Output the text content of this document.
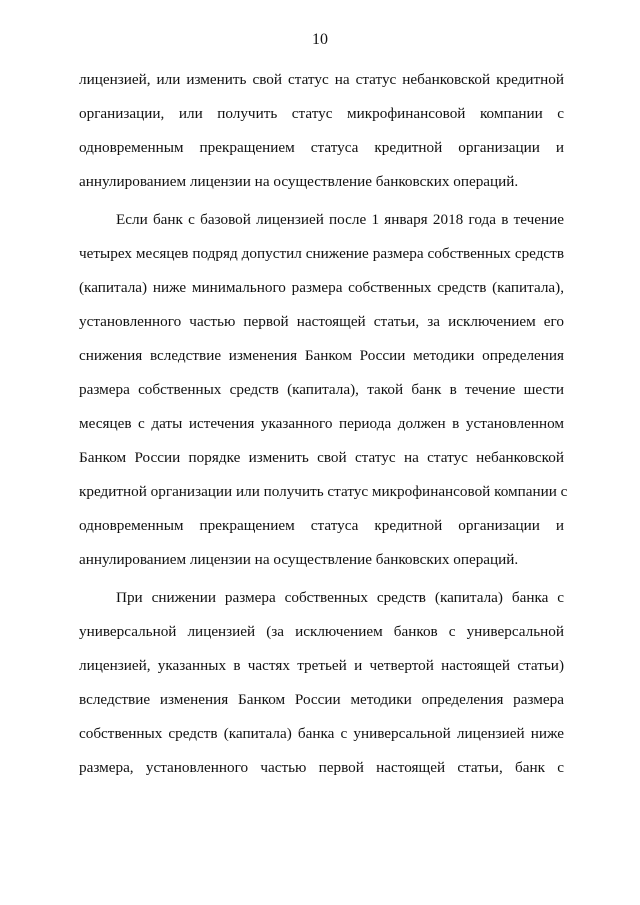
10
лицензией, или изменить свой статус на статус небанковской кредитной
организации, или получить статус микрофинансовой компании с
одновременным прекращением статуса кредитной организации и
аннулированием лицензии на осуществление банковских операций.
Если банк с базовой лицензией после 1 января 2018 года в течение
четырех месяцев подряд допустил снижение размера собственных средств
(капитала) ниже минимального размера собственных средств (капитала),
установленного частью первой настоящей статьи, за исключением его
снижения вследствие изменения Банком России методики определения
размера собственных средств (капитала), такой банк в течение шести
месяцев с даты истечения указанного периода должен в установленном
Банком России порядке изменить свой статус на статус небанковской
кредитной организации или получить статус микрофинансовой компании с
одновременным прекращением статуса кредитной организации и
аннулированием лицензии на осуществление банковских операций.
При снижении размера собственных средств (капитала) банка с
универсальной лицензией (за исключением банков с универсальной
лицензией, указанных в частях третьей и четвертой настоящей статьи)
вследствие изменения Банком России методики определения размера
собственных средств (капитала) банка с универсальной лицензией ниже
размера, установленного частью первой настоящей статьи, банк с
